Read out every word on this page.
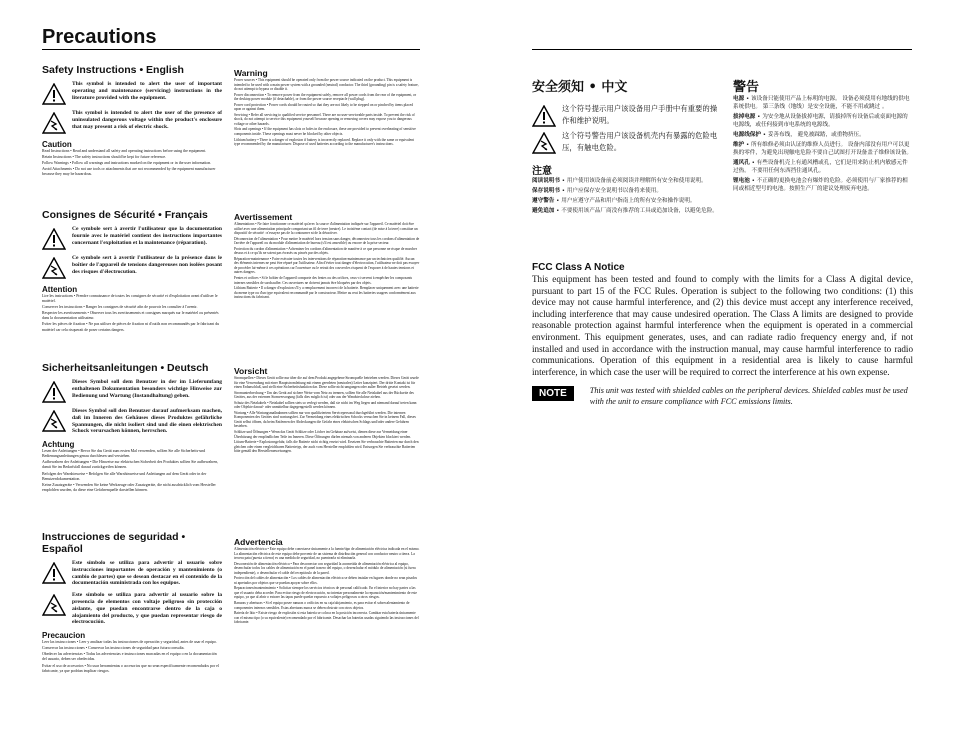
Precautions
Safety Instructions • English
This symbol is intended to alert the user of important operating and maintenance (servicing) instructions in the literature provided with the equipment.
This symbol is intended to alert the user of the presence of uninsulated dangerous voltage within the product's enclosure that may present a risk of electric shock.
Caution

Read Instructions • Read and understand all safety and operating instructions before using the equipment.

Retain Instructions • The safety instructions should be kept for future reference.

Follow Warnings • Follow all warnings and instructions marked on the equipment or in the user information.

Avoid Attachments • Do not use tools or attachments that are not recommended by the equipment manufacturer because they may be hazardous.

Consignes de Sécurité • Français
Ce symbole sert à avertir l'utilisateur que la documentation fournie avec le matériel contient des instructions importantes concernant l'exploitation et la maintenance (réparation).
Ce symbole sert à avertir l'utilisateur de la présence dans le boîtier de l'appareil de tensions dangereuses non isolées posant des risques d'électrocution.
Attention

Lire les instructions • Prendre connaissance de toutes les consignes de sécurité et d'exploitation avant d'utiliser le matériel.

Conserver les instructions • Ranger les consignes de sécurité afin de pouvoir les consulter à l'avenir.

Respecter les avertissements • Observer tous les avertissements et consignes marqués sur le matériel ou présentés dans la documentation utilisateur.

Eviter les pièces de fixation • Ne pas utiliser de pièces de fixation ni d'outils non recommandés par le fabricant du matériel car cela risquerait de poser certains dangers.

Sicherheitsanleitungen • Deutsch
Dieses Symbol soll dem Benutzer in der im Lieferumfang enthaltenen Dokumentation besonders wichtige Hinweise zur Bedienung und Wartung (Instandhaltung) geben.
Dieses Symbol soll den Benutzer darauf aufmerksam machen, daß im Inneren des Gehäuses dieses Produktes gefährliche Spannungen, die nicht isoliert sind und die einen elektrischen Schock verursachen können, herrschen.
Achtung

Lesen der Anleitungen • Bevor Sie das Gerät zum ersten Mal verwenden, sollten Sie alle Sicherheits-und Bedienungsanleitungen genau durchlesen und verstehen.

Aufbewahren der Anleitungen • Die Hinweise zur elektrischen Sicherheit des Produktes sollten Sie aufbewahren, damit Sie im Bedarfsfall darauf zurückgreifen können.

Befolgen der Warnhinweise • Befolgen Sie alle Warnhinweise und Anleitungen auf dem Gerät oder in der Benutzerdokumentation.

Keine Zusatzgeräte • Verwenden Sie keine Werkzeuge oder Zusatzgeräte, die nicht ausdrücklich vom Hersteller empfohlen wurden, da diese eine Gefahrenquelle darstellen können.

Instrucciones de seguridad • Español
Este símbolo se utiliza para advertir al usuario sobre instrucciones importantes de operación y mantenimiento (o cambio de partes) que se desean destacar en el contenido de la documentación suministrada con los equipos.
Este símbolo se utiliza para advertir al usuario sobre la presencia de elementos con voltaje peligroso sin protección aislante, que puedan encontrarse dentro de la caja o alojamiento del producto, y que puedan representar riesgo de electrocución.
Precaucion

Leer las instrucciones • Leer y analizar todas las instrucciones de operación y seguridad, antes de usar el equipo.

Conservar las instrucciones • Conservar las instrucciones de seguridad para futura consulta.

Obedecer las advertencias • Todas las advertencias e instrucciones marcadas en el equipo o en la documentación del usuario, deben ser obedecidas.

Evitar el uso de accesorios • No usar herramientas o accesorios que no sean específicamente recomendados por el fabricante, ya que podrían implicar riesgos.

Warning

Power sources • This equipment should be operated only from the power source indicated on the product. This equipment is intended to be used with a main power system with a grounded (neutral) conductor. The third (grounding) pin is a safety feature, do not attempt to bypass or disable it.

Power disconnection • To remove power from the equipment safely, remove all power cords from the rear of the equipment, or the desktop power module (if detachable), or from the power source receptacle (wall plug).

Power cord protection • Power cords should be routed so that they are not likely to be stepped on or pinched by items placed upon or against them.

Servicing • Refer all servicing to qualified service personnel. There are no user-serviceable parts inside. To prevent the risk of shock, do not attempt to service this equipment yourself because opening or removing covers may expose you to dangerous voltage or other hazards.

Slots and openings • If the equipment has slots or holes in the enclosure, these are provided to prevent overheating of sensitive components inside. These openings must never be blocked by other objects.

Lithium battery • There is a danger of explosion if battery is incorrectly replaced. Replace it only with the same or equivalent type recommended by the manufacturer. Dispose of used batteries according to the manufacturer's instructions.

Avertissement

Alimentations • Ne faire fonctionner ce matériel qu'avec la source d'alimentation indiquée sur l'appareil. Ce matériel doit être utilisé avec une alimentation principale comportant un fil de terre (neutre). Le troisième contact (de mise à la terre) constitue un dispositif de sécurité : n'essayez pas de la contourner ni de la désactiver.

Déconnexion de l'alimentation • Pour mettre le matériel hors tension sans danger, déconnectez tous les cordons d'alimentation de l'arrière de l'appareil ou du module d'alimentation de bureau (s'il est amovible) ou encore de la prise secteur.

Protection du cordon d'alimentation • Acheminer les cordons d'alimentation de manière à ce que personne ne risque de marcher dessus et à ce qu'ils ne soient pas écrasés ou pincés par des objets.

Réparation-maintenance • Faire exécuter toutes les interventions de réparation-maintenance par un technicien qualifié. Aucun des éléments internes ne peut être réparé par l'utilisateur. Afin d'éviter tout danger d'électrocution, l'utilisateur ne doit pas essayer de procéder lui-même à ces opérations car l'ouverture ou le retrait des couvercles risquent de l'exposer à de hautes tensions et autres dangers.

Fentes et orifices • Si le boîtier de l'appareil comporte des fentes ou des orifices, ceux-ci servent à empêcher les composants internes sensibles de surchauffer. Ces ouvertures ne doivent jamais être bloquées par des objets.

Lithium Batterie • Il a danger d'explosion s'll y a remplacement incorrect de la batterie. Remplacer uniquement avec une batterie du meme type ou d'un type equivalent recommandé par le constructeur. Mettre au reut les batteries usagees conformément aux instructions du fabricant.

Vorsicht

Stromquellen • Dieses Gerät sollte nur über die auf dem Produkt angegebene Stromquelle betrieben werden. Dieses Gerät wurde für eine Verwendung mit einer Hauptstromleitung mit einem geerdeten (neutralen) Leiter konzipiert. Der dritte Kontakt ist für einen Erdanschluß, und stellt eine Sicherheitsfunktion dar. Diese sollte nicht umgangen oder außer Betrieb gesetzt werden.

Stromunterbrechung • Um das Gerät auf sichere Weise vom Netz zu trennen, sollten Sie alle Netzkabel aus der Rückseite des Gerätes, aus der externen Stomversorgung (falls dies möglich ist) oder aus der Wandsteckdose ziehen.

Schutz des Netzkabels • Netzkabel sollten stets so verlegt werden, daß sie nicht im Weg liegen und niemand darauf treten kann oder Objekte darauf- oder unmittelbar dagegengestellt werden können.

Wartung • Alle Wartungsmaßnahmen sollten nur von qualifiziertem Servicepersonal durchgeführt werden. Die internen Komponenten des Gerätes sind wartungsfrei. Zur Vermeidung eines elektrischen Schocks versuchen Sie in keinem Fall, dieses Gerät selbst öffnen, da beim Entfernen der Abdeckungen die Gefahr eines elektrischen Schlags und/oder andere Gefahren bestehen.

Schlitze und Öffnungen • Wenn das Gerät Schlitze oder Löcher im Gehäuse aufweist, dienen diese zur Vermeidung einer Überhitzung der empfindlichen Teile im Inneren. Diese Öffnungen dürfen niemals von anderen Objekten blockiert werden.

Litium-Batterie • Explosionsgefahr, falls die Batterie nicht richtig ersetzt wird. Ersetzen Sie verbrauchte Batterien nur durch den gleichen oder einen vergleichbaren Batterietyp, der auch vom Hersteller empfohlen wird. Entsorgen Sie verbrauchte Batterien bitte gemäß den Herstelleranweisungen.

Advertencia

Alimentación eléctrica • Este equipo debe conectarse únicamente a la fuente/tipo de alimentación eléctrica indicada en el mismo. La alimentación eléctrica de este equipo debe provenir de un sistema de distribución general con conductor neutro a tierra. La tercera pata (puesta a tierra) es una medida de seguridad, no puentearla ni eliminarla.

Desconexión de alimentación eléctrica • Para desconectar con seguridad la acometida de alimentación eléctrica al equipo, desenchufar todos los cables de alimentación en el panel trasero del equipo, o desenchufar el módulo de alimentación (si fuera independiente), o desenchufar el cable del receptáculo de la pared.

Protección del cables de alimentación • Los cables de alimentación eléctrica se deben instalar en lugares donde no sean pisados ni apretados por objetos que se puedan apoyar sobre ellos.

Reparaciones/mantenimiento • Solicitar siempre los servicios técnicos de personal calificado. En el interior no hay partes a las que el usuario deba acceder. Para evitar riesgo de electrocución, no intentar personalmente la reparación/mantenimiento de este equipo, ya que al abrir o extraer las tapas puede quedar expuesto a voltajes peligrosos u otros riesgos.

Ranuras y aberturas • Si el equipo posee ranuras o orificios en su caja/alojamiento, es para evitar el sobrecalentamiento de componentes internos sensibles. Estas aberturas nunca se deben obstruir con otros objetos.

Batería de litio • Existe riesgo de explosión si esta batería se coloca en la posición incorrecta. Cambiar esta batería únicamente con el mismo tipo (o su equivalente) recomendado por el fabricante. Desachar las baterías usadas siguiendo las instrucciones del fabricante.

安全须知 • 中文
这个符号提示用户该设备用户手册中有重要的操作和维护说明。
这个符号警告用户该设备机壳内有暴露的危险电压，有触电危险。
注意

阅读说明书 • 用户使用该设备前必须阅读并理解所有安全和使用说明。

保存说明书 • 用户应保存安全说明书以备将来使用。

遵守警告 • 用户应遵守产品和用户指南上的所有安全和操作说明。

避免追加 • 不要使用该产品厂商没有推荐的工具或追加设备，以避免危险。

警告

电源 • 该设备只能使用产品上标明的电源。 设备必须使用有地线的供电系统供电。 第三条线（地线）是安全设施，不能不用或跳过 。

拔掉电源 • 为安全地从设备拔掉电源，请拔掉所有设备后或桌面电源的电源线，或任何接到市电系统的电源线。

电源线保护 • 妥善布线， 避免被踩踏，或重物挤压。

维护 • 所有维修必须由认证的维修人员进行。 设备内部没有用户可以更换的零件，为避免出现触电危险不要自己试图打开设备盖子维修该设备。

通风孔 • 有些设备机壳上有通风槽或孔，它们是用来防止机内敏感元件过热。 不要用任何东西挡住通风孔。

锂电池 • 不正确的更换电池会有爆炸的危险。必须使用与厂家推荐的相同或相近型号的电池。按照生产厂的建议处理废弃电池。

FCC Class A Notice
This equipment has been tested and found to comply with the limits for a Class A digital device, pursuant to part 15 of the FCC Rules. Operation is subject to the following two conditions: (1) this device may not cause harmful interference, and (2) this device must accept any interference received, including interference that may cause undesired operation. The Class A limits are designed to provide reasonable protection against harmful interference when the equipment is operated in a commercial environment. This equipment generates, uses, and can radiate radio frequency energy and, if not installed and used in accordance with the instruction manual, may cause harmful interference to radio communications. Operation of this equipment in a residential area is likely to cause harmful interference, in which case the user will be required to correct the interference at his own expense.
NOTE	This unit was tested with shielded cables on the peripheral devices. Shielded cables must be used with the unit to ensure compliance with FCC emissions limits.
